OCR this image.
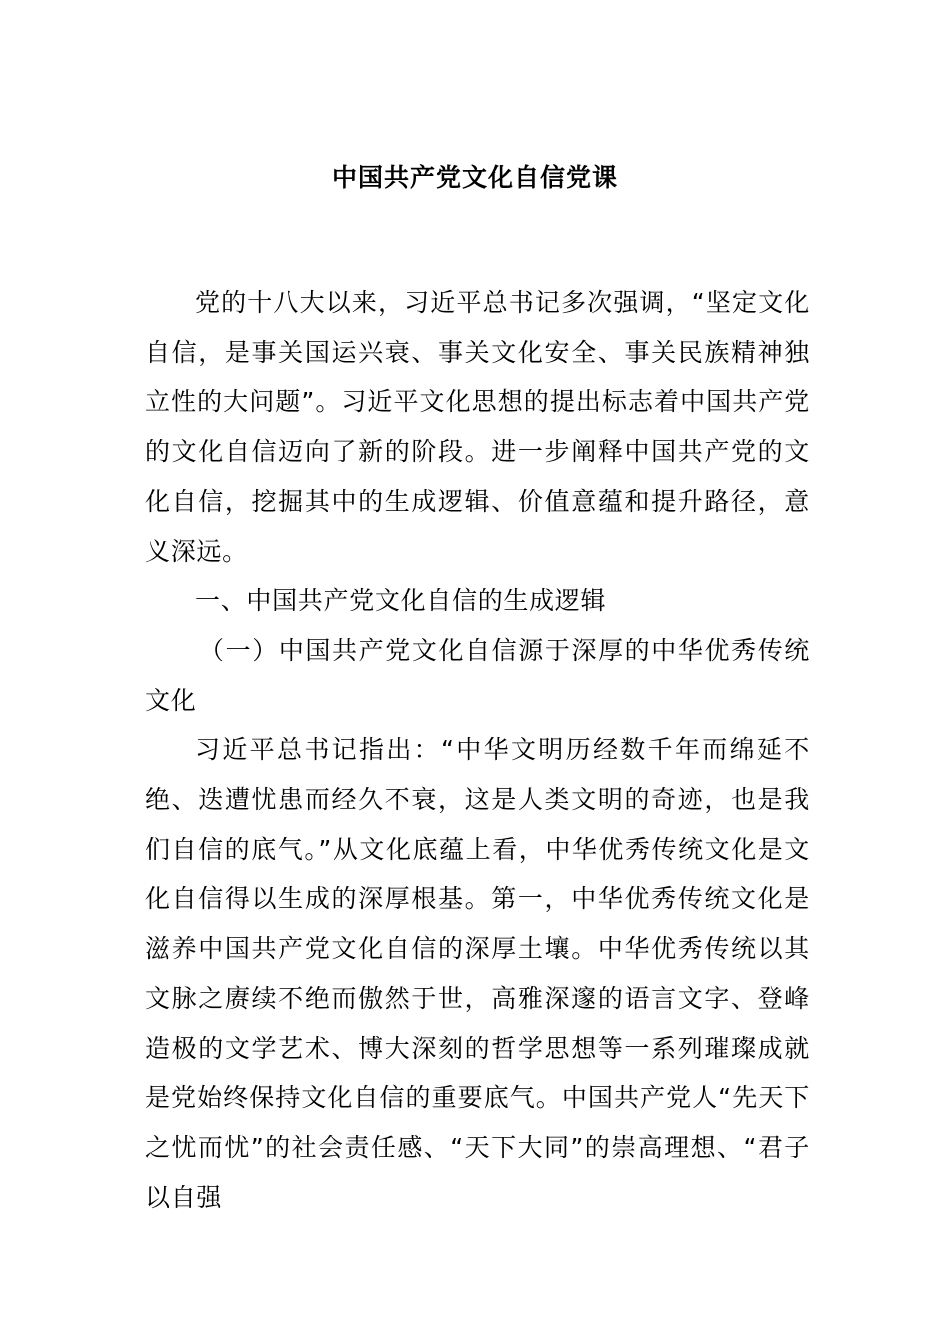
中国共产党文化自信党课

党的十八大以来，习近平总书记多次强调，“坚定文化自信，是事关国运兴衰、事关文化安全、事关民族精神独立性的大问题”。习近平文化思想的提出标志着中国共产党的文化自信迈向了新的阶段。进一步阐释中国共产党的文化自信，挖掘其中的生成逻辑、价值意蕴和提升路径，意义深远。

一、中国共产党文化自信的生成逻辑

（一）中国共产党文化自信源于深厚的中华优秀传统文化

习近平总书记指出：“中华文明历经数千年而绵延不绝、迭遭忧患而经久不衰，这是人类文明的奇迹，也是我们自信的底气。”从文化底蕴上看，中华优秀传统文化是文化自信得以生成的深厚根基。第一，中华优秀传统文化是滋养中国共产党文化自信的深厚土壤。中华优秀传统以其文脉之赓续不绝而傲然于世，高雅深邃的语言文字、登峰造极的文学艺术、博大深刻的哲学思想等一系列璀璨成就是党始终保持文化自信的重要底气。中国共产党人“先天下之忧而忧”的社会责任感、“天下大同”的崇高理想、“君子以自强
